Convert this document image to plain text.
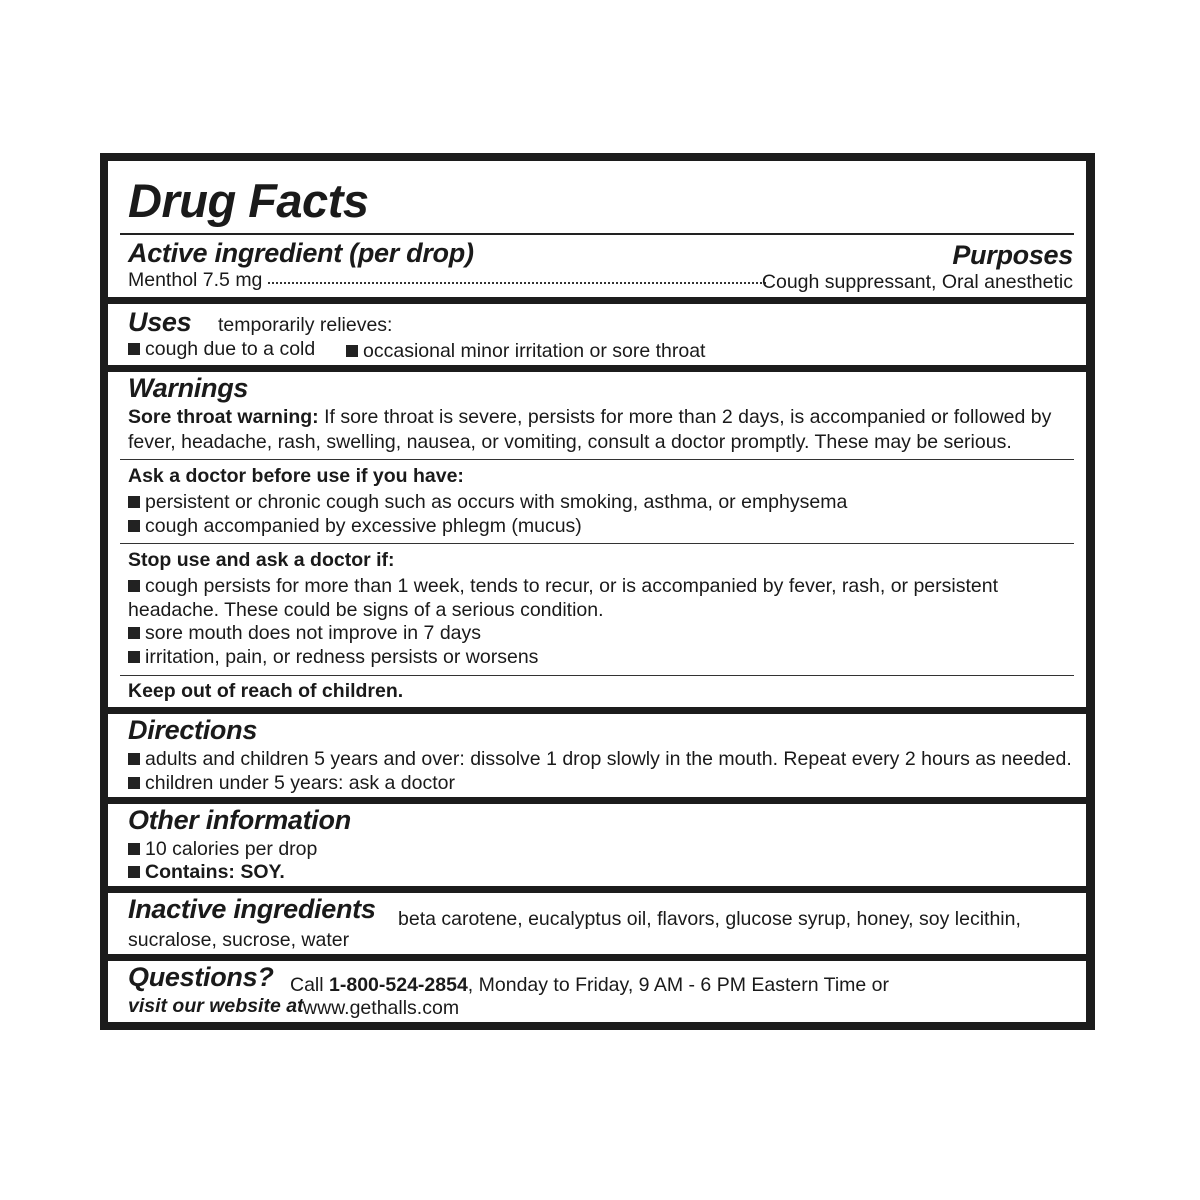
Drug Facts
Active ingredient (per drop)	Purposes
Menthol 7.5 mg	Cough suppressant, Oral anesthetic
Uses temporarily relieves:
cough due to a cold	occasional minor irritation or sore throat
Warnings
Sore throat warning: If sore throat is severe, persists for more than 2 days, is accompanied or followed by
fever, headache, rash, swelling, nausea, or vomiting, consult a doctor promptly. These may be serious.
Ask a doctor before use if you have:
persistent or chronic cough such as occurs with smoking, asthma, or emphysema
cough accompanied by excessive phlegm (mucus)
Stop use and ask a doctor if:
cough persists for more than 1 week, tends to recur, or is accompanied by fever, rash, or persistent
headache. These could be signs of a serious condition.
sore mouth does not improve in 7 days
irritation, pain, or redness persists or worsens
Keep out of reach of children.
Directions
adults and children 5 years and over: dissolve 1 drop slowly in the mouth. Repeat every 2 hours as needed.
children under 5 years: ask a doctor
Other information
10 calories per drop
Contains: SOY.
Inactive ingredients beta carotene, eucalyptus oil, flavors, glucose syrup, honey, soy lecithin,
sucralose, sucrose, water
Questions? Call 1-800-524-2854, Monday to Friday, 9 AM - 6 PM Eastern Time or
visit our website at www.gethalls.com
